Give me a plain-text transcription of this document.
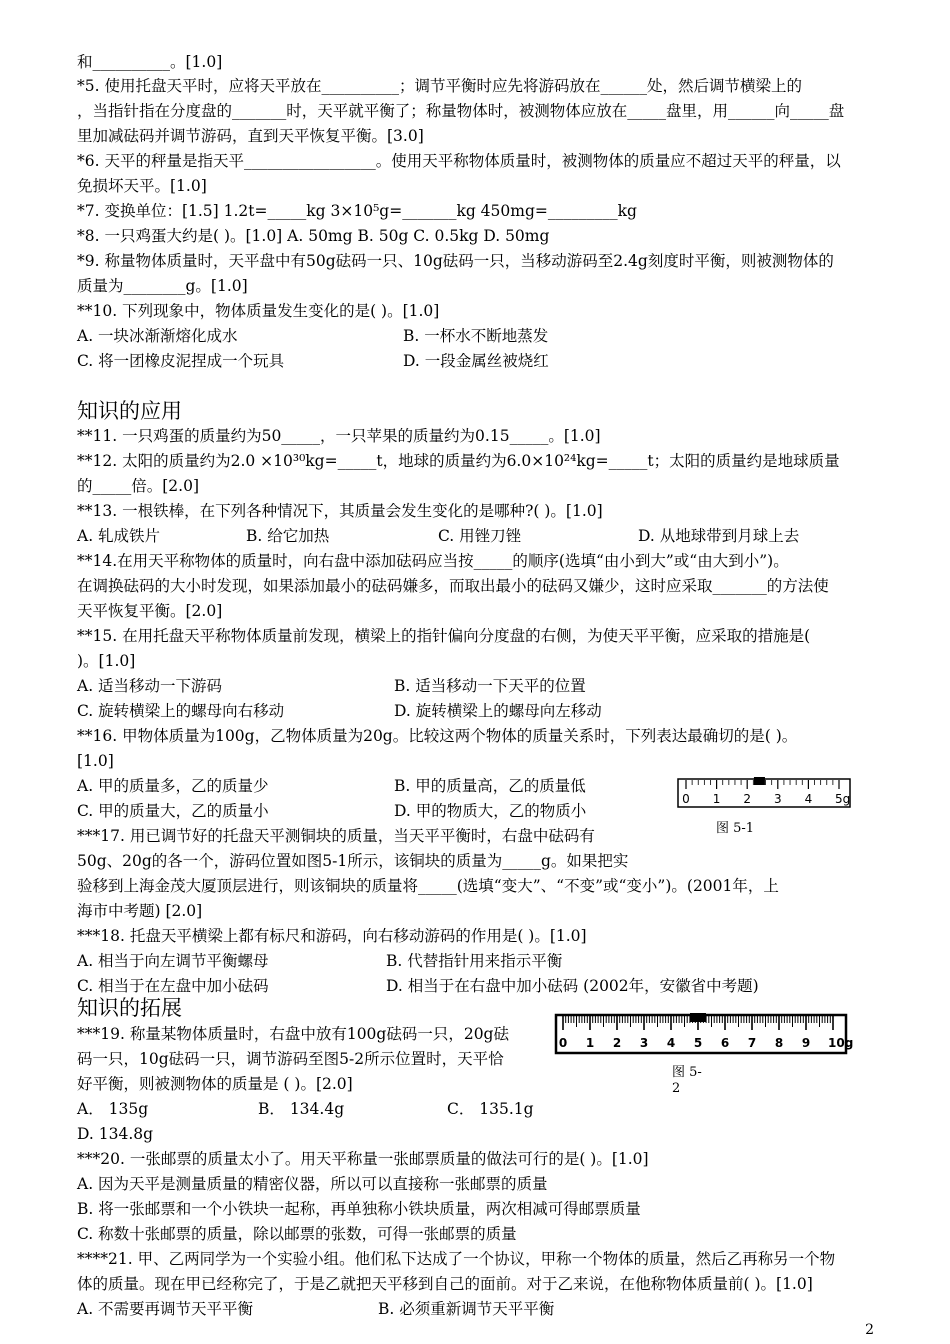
和__________。[1.0]
*5. 使用托盘天平时，应将天平放在__________；调节平衡时应先将游码放在______处，然后调节横梁上的
，当指针指在分度盘的_______时，天平就平衡了；称量物体时，被测物体应放在_____盘里，用______向_____盘
里加减砝码并调节游码，直到天平恢复平衡。[3.0]
*6. 天平的秤量是指天平_________________。使用天平称物体质量时，被测物体的质量应不超过天平的秤量，以
免损坏天平。[1.0]
*7. 变换单位：[1.5] 1.2t=_____kg 3×10⁵g=_______kg 450mg=_________kg
*8. 一只鸡蛋大约是( )。[1.0] A. 50mg B. 50g C. 0.5kg D. 50mg
*9. 称量物体质量时，天平盘中有50g砝码一只、10g砝码一只，当移动游码至2.4g刻度时平衡，则被测物体的
质量为________g。[1.0]
**10. 下列现象中，物体质量发生变化的是( )。[1.0]
A. 一块冰渐渐熔化成水	B. 一杯水不断地蒸发
C. 将一团橡皮泥捏成一个玩具	D. 一段金属丝被烧红
知识的应用
**11. 一只鸡蛋的质量约为50_____，一只苹果的质量约为0.15_____。[1.0]
**12. 太阳的质量约为2.0 ×10³⁰kg=_____t，地球的质量约为6.0×10²⁴kg=_____t；太阳的质量约是地球质量
的_____倍。[2.0]
**13. 一根铁棒，在下列各种情况下，其质量会发生变化的是哪种?( )。[1.0]
A. 轧成铁片	B. 给它加热	C. 用锉刀锉	D. 从地球带到月球上去
**14.在用天平称物体的质量时，向右盘中添加砝码应当按_____的顺序(选填“由小到大”或“由大到小”)。
在调换砝码的大小时发现，如果添加最小的砝码嫌多，而取出最小的砝码又嫌少，这时应采取_______的方法使
天平恢复平衡。[2.0]
**15. 在用托盘天平称物体质量前发现，横梁上的指针偏向分度盘的右侧，为使天平平衡，应采取的措施是(
)。[1.0]
A. 适当移动一下游码	B. 适当移动一下天平的位置
C. 旋转横梁上的螺母向右移动	D. 旋转横梁上的螺母向左移动
**16. 甲物体质量为100g，乙物体质量为20g。比较这两个物体的质量关系时，下列表达最确切的是( )。
[1.0]
A. 甲的质量多，乙的质量少	B. 甲的质量高，乙的质量低
C. 甲的质量大，乙的质量小	D. 甲的物质大，乙的物质小
0 1 2 3 4 5g
图 5-1
***17. 用已调节好的托盘天平测铜块的质量，当天平平衡时，右盘中砝码有
50g、20g的各一个，游码位置如图5-1所示，该铜块的质量为_____g。如果把实
验移到上海金茂大厦顶层进行，则该铜块的质量将_____(选填“变大”、“不变”或“变小”)。(2001年，上
海市中考题) [2.0]
***18. 托盘天平横梁上都有标尺和游码，向右移动游码的作用是( )。[1.0]
A. 相当于向左调节平衡螺母	B. 代替指针用来指示平衡
C. 相当于在左盘中加小砝码	D. 相当于在右盘中加小砝码 (2002年，安徽省中考题)
知识的拓展
***19. 称量某物体质量时，右盘中放有100g砝码一只，20g砝
码一只，10g砝码一只，调节游码至图5-2所示位置时，天平恰
好平衡，则被测物体的质量是 ( )。[2.0]
0 1 2 3 4 5 6 7 8 9 10g
图 5-
2
A． 135g	B． 134.4g	C． 135.1g
D. 134.8g
***20. 一张邮票的质量太小了。用天平称量一张邮票质量的做法可行的是( )。[1.0]
A. 因为天平是测量质量的精密仪器，所以可以直接称一张邮票的质量
B. 将一张邮票和一个小铁块一起称，再单独称小铁块质量，两次相减可得邮票质量
C. 称数十张邮票的质量，除以邮票的张数，可得一张邮票的质量
****21. 甲、乙两同学为一个实验小组。他们私下达成了一个协议，甲称一个物体的质量，然后乙再称另一个物
体的质量。现在甲已经称完了，于是乙就把天平移到自己的面前。对于乙来说，在他称物体质量前( )。[1.0]
A. 不需要再调节天平平衡	B. 必须重新调节天平平衡
2
